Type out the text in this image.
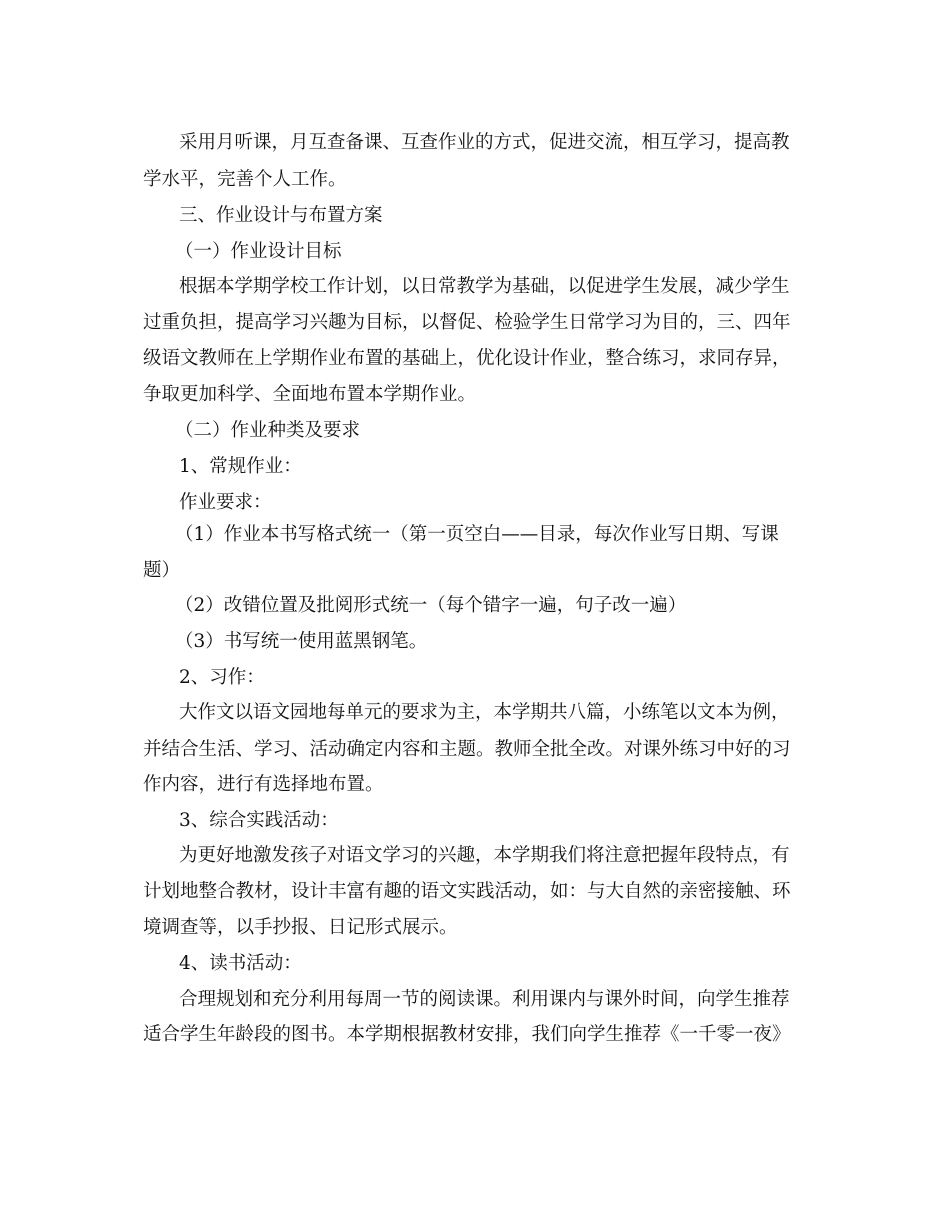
采用月听课，月互查备课、互查作业的方式，促进交流，相互学习，提高教

学水平，完善个人工作。

三、作业设计与布置方案

（一）作业设计目标

根据本学期学校工作计划，以日常教学为基础，以促进学生发展，减少学生

过重负担，提高学习兴趣为目标，以督促、检验学生日常学习为目的，三、四年

级语文教师在上学期作业布置的基础上，优化设计作业，整合练习，求同存异，

争取更加科学、全面地布置本学期作业。

（二）作业种类及要求

1、常规作业：

作业要求：

（1）作业本书写格式统一（第一页空白——目录，每次作业写日期、写课

题）

（2）改错位置及批阅形式统一（每个错字一遍，句子改一遍）

（3）书写统一使用蓝黑钢笔。

2、习作：

大作文以语文园地每单元的要求为主，本学期共八篇，小练笔以文本为例，

并结合生活、学习、活动确定内容和主题。教师全批全改。对课外练习中好的习

作内容，进行有选择地布置。

3、综合实践活动：

为更好地激发孩子对语文学习的兴趣，本学期我们将注意把握年段特点，有

计划地整合教材，设计丰富有趣的语文实践活动，如：与大自然的亲密接触、环

境调查等，以手抄报、日记形式展示。

4、读书活动：

合理规划和充分利用每周一节的阅读课。利用课内与课外时间，向学生推荐

适合学生年龄段的图书。本学期根据教材安排，我们向学生推荐《一千零一夜》
